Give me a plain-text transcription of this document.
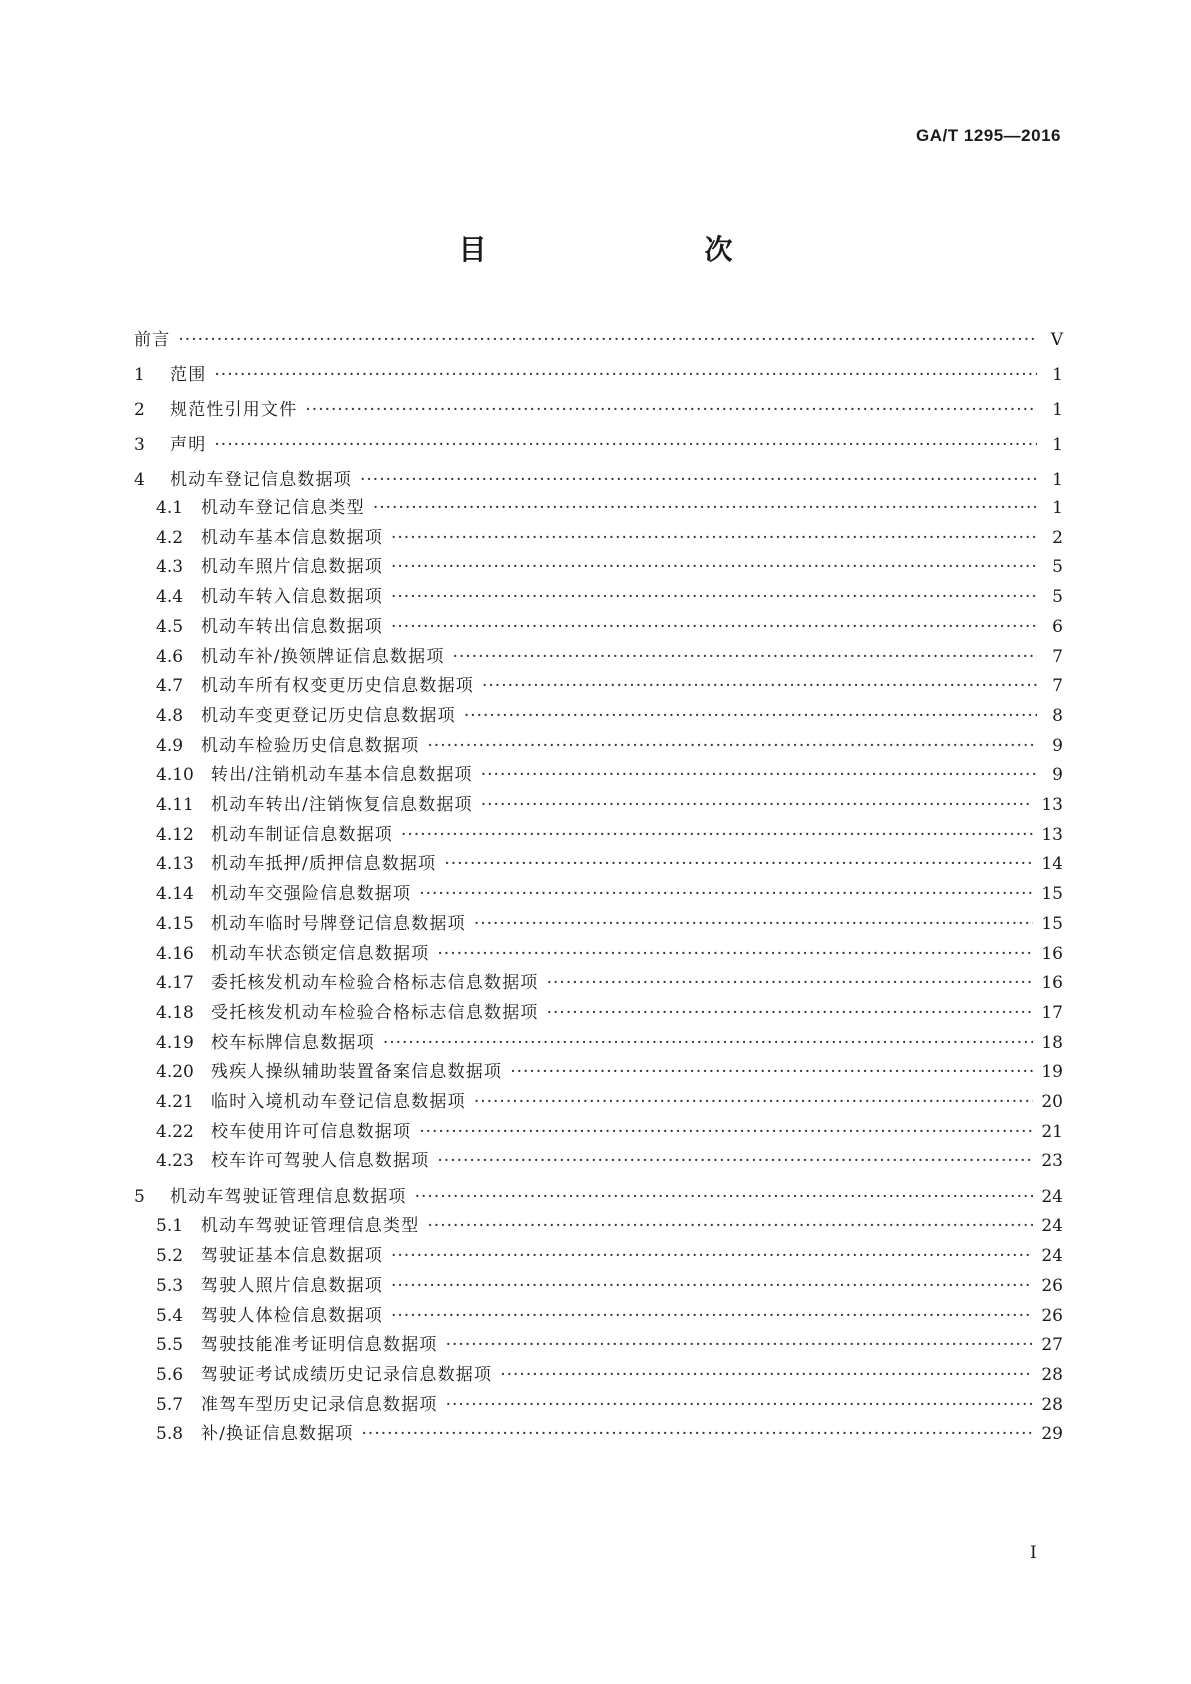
GA/T 1295—2016
目　　次
前言 ·····	V
1	范围 ·····	1
2	规范性引用文件 ·····	1
3	声明 ·····	1
4	机动车登记信息数据项 ·····	1
4.1	机动车登记信息类型 ·····	1
4.2	机动车基本信息数据项 ·····	2
4.3	机动车照片信息数据项 ·····	5
4.4	机动车转入信息数据项 ·····	5
4.5	机动车转出信息数据项 ·····	6
4.6	机动车补/换领牌证信息数据项 ·····	7
4.7	机动车所有权变更历史信息数据项 ·····	7
4.8	机动车变更登记历史信息数据项 ·····	8
4.9	机动车检验历史信息数据项 ·····	9
4.10	转出/注销机动车基本信息数据项 ·····	9
4.11	机动车转出/注销恢复信息数据项 ·····	13
4.12	机动车制证信息数据项 ·····	13
4.13	机动车抵押/质押信息数据项 ·····	14
4.14	机动车交强险信息数据项 ·····	15
4.15	机动车临时号牌登记信息数据项 ·····	15
4.16	机动车状态锁定信息数据项 ·····	16
4.17	委托核发机动车检验合格标志信息数据项 ·····	16
4.18	受托核发机动车检验合格标志信息数据项 ·····	17
4.19	校车标牌信息数据项 ·····	18
4.20	残疾人操纵辅助装置备案信息数据项 ·····	19
4.21	临时入境机动车登记信息数据项 ·····	20
4.22	校车使用许可信息数据项 ·····	21
4.23	校车许可驾驶人信息数据项 ·····	23
5	机动车驾驶证管理信息数据项 ·····	24
5.1	机动车驾驶证管理信息类型 ·····	24
5.2	驾驶证基本信息数据项 ·····	24
5.3	驾驶人照片信息数据项 ·····	26
5.4	驾驶人体检信息数据项 ·····	26
5.5	驾驶技能准考证明信息数据项 ·····	27
5.6	驾驶证考试成绩历史记录信息数据项 ·····	28
5.7	准驾车型历史记录信息数据项 ·····	28
5.8	补/换证信息数据项 ·····	29
I
